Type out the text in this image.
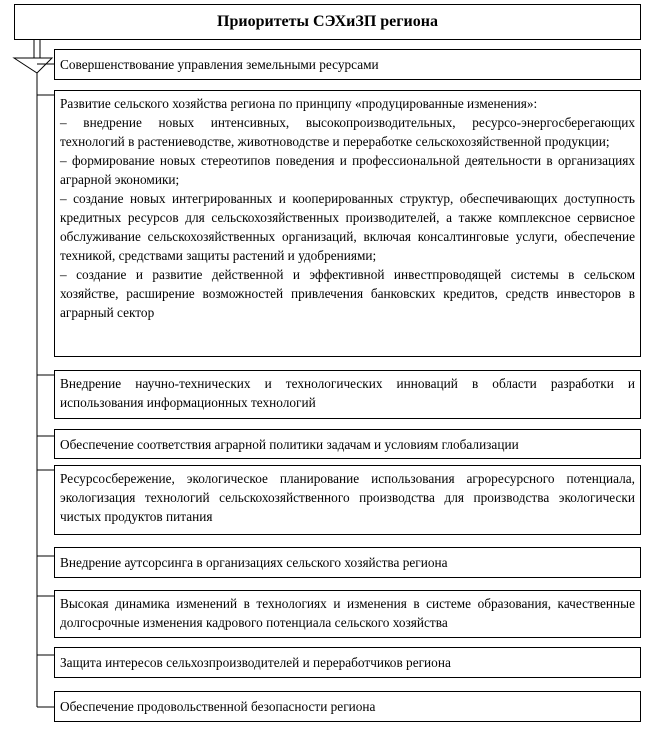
Приоритеты СЭХиЗП региона
Совершенствование управления земельными ресурсами

Развитие сельского хозяйства региона по принципу «продуцированные изменения»:

– внедрение новых интенсивных, высокопроизводительных, ресурсо-энергосберегающих технологий в растениеводстве, животноводстве и переработке сельскохозяйственной продукции;

– формирование новых стереотипов поведения и профессиональной деятельности в организациях аграрной экономики;

– создание новых интегрированных и кооперированных структур, обеспечивающих доступность кредитных ресурсов для сельскохозяйственных производителей, а также комплексное сервисное обслуживание сельскохозяйственных организаций, включая консалтинговые услуги, обеспечение техникой, средствами защиты растений и удобрениями;

– создание и развитие действенной и эффективной инвестпроводящей системы в сельском хозяйстве, расширение возможностей привлечения банковских кредитов, средств инвесторов в аграрный сектор

Внедрение научно-технических и технологических инноваций в области разработки и использования информационных технологий
Обеспечение соответствия аграрной политики задачам и условиям глобализации
Ресурсосбережение, экологическое планирование использования агроресурсного потенциала, экологизация технологий сельскохозяйственного производства для производства экологически чистых продуктов питания
Внедрение аутсорсинга в организациях сельского хозяйства региона
Высокая динамика изменений в технологиях и изменения в системе образования, качественные долгосрочные изменения кадрового потенциала сельского хозяйства
Защита интересов сельхозпроизводителей и переработчиков региона
Обеспечение продовольственной безопасности региона
